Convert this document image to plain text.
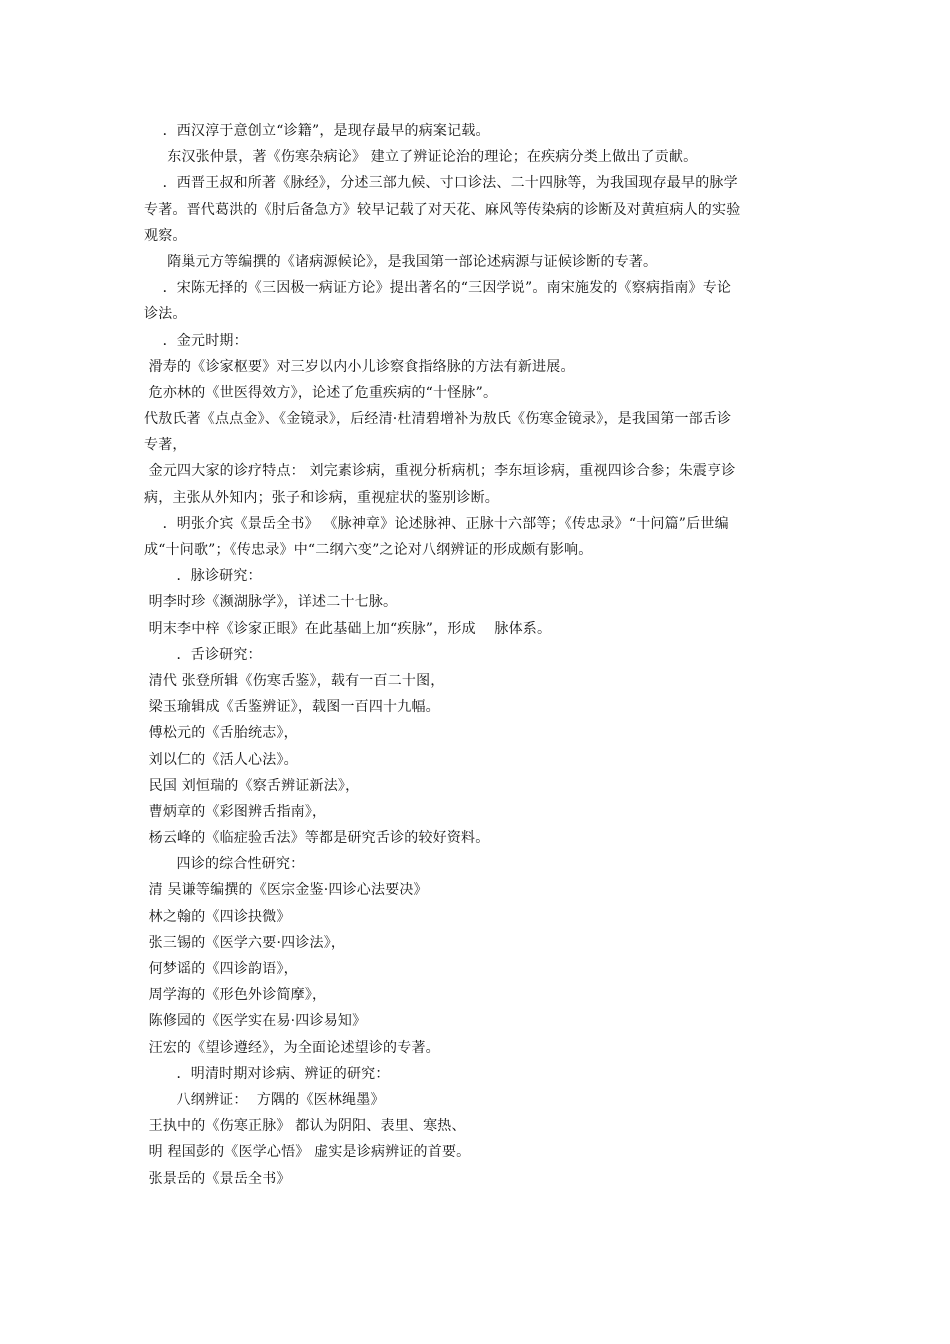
．西汉淳于意创立“诊籍”，是现存最早的病案记载。
东汉张仲景，著《伤寒杂病论》 建立了辨证论治的理论；在疾病分类上做出了贡献。
．西晋王叔和所著《脉经》，分述三部九候、寸口诊法、二十四脉等，为我国现存最早的脉学
专著。晋代葛洪的《肘后备急方》较早记载了对天花、麻风等传染病的诊断及对黄疸病人的实验
观察。
隋巢元方等编撰的《诸病源候论》，是我国第一部论述病源与证候诊断的专著。
．宋陈无择的《三因极一病证方论》提出著名的“三因学说”。南宋施发的《察病指南》专论
诊法。
．金元时期：
滑寿的《诊家枢要》对三岁以内小儿诊察食指络脉的方法有新进展。
危亦林的《世医得效方》，论述了危重疾病的“十怪脉”。
代敖氏著《点点金》、《金镜录》，后经清·杜清碧增补为敖氏《伤寒金镜录》，是我国第一部舌诊
专著，
金元四大家的诊疗特点： 刘完素诊病，重视分析病机；李东垣诊病，重视四诊合参；朱震亨诊
病，主张从外知内；张子和诊病，重视症状的鉴别诊断。
．明张介宾《景岳全书》 《脉神章》论述脉神、正脉十六部等；《传忠录》“十问篇”后世编
成“十问歌”；《传忠录》中“二纲六变”之论对八纲辨证的形成颇有影响。
．脉诊研究：
明李时珍《濒湖脉学》，详述二十七脉。
明末李中梓《诊家正眼》在此基础上加“疾脉”，形成    脉体系。
．舌诊研究：
清代 张登所辑《伤寒舌鉴》，载有一百二十图，
梁玉瑜辑成《舌鉴辨证》，载图一百四十九幅。
傅松元的《舌胎统志》，
刘以仁的《活人心法》。
民国 刘恒瑞的《察舌辨证新法》，
曹炳章的《彩图辨舌指南》，
杨云峰的《临症验舌法》等都是研究舌诊的较好资料。
四诊的综合性研究：
清 吴谦等编撰的《医宗金鉴·四诊心法要决》
林之翰的《四诊抉微》
张三锡的《医学六要·四诊法》，
何梦谣的《四诊韵语》，
周学海的《形色外诊简摩》，
陈修园的《医学实在易·四诊易知》
汪宏的《望诊遵经》，为全面论述望诊的专著。
．明清时期对诊病、辨证的研究：
八纲辨证：  方隅的《医林绳墨》
王执中的《伤寒正脉》 都认为阴阳、表里、寒热、
明 程国彭的《医学心悟》 虚实是诊病辨证的首要。
张景岳的《景岳全书》
